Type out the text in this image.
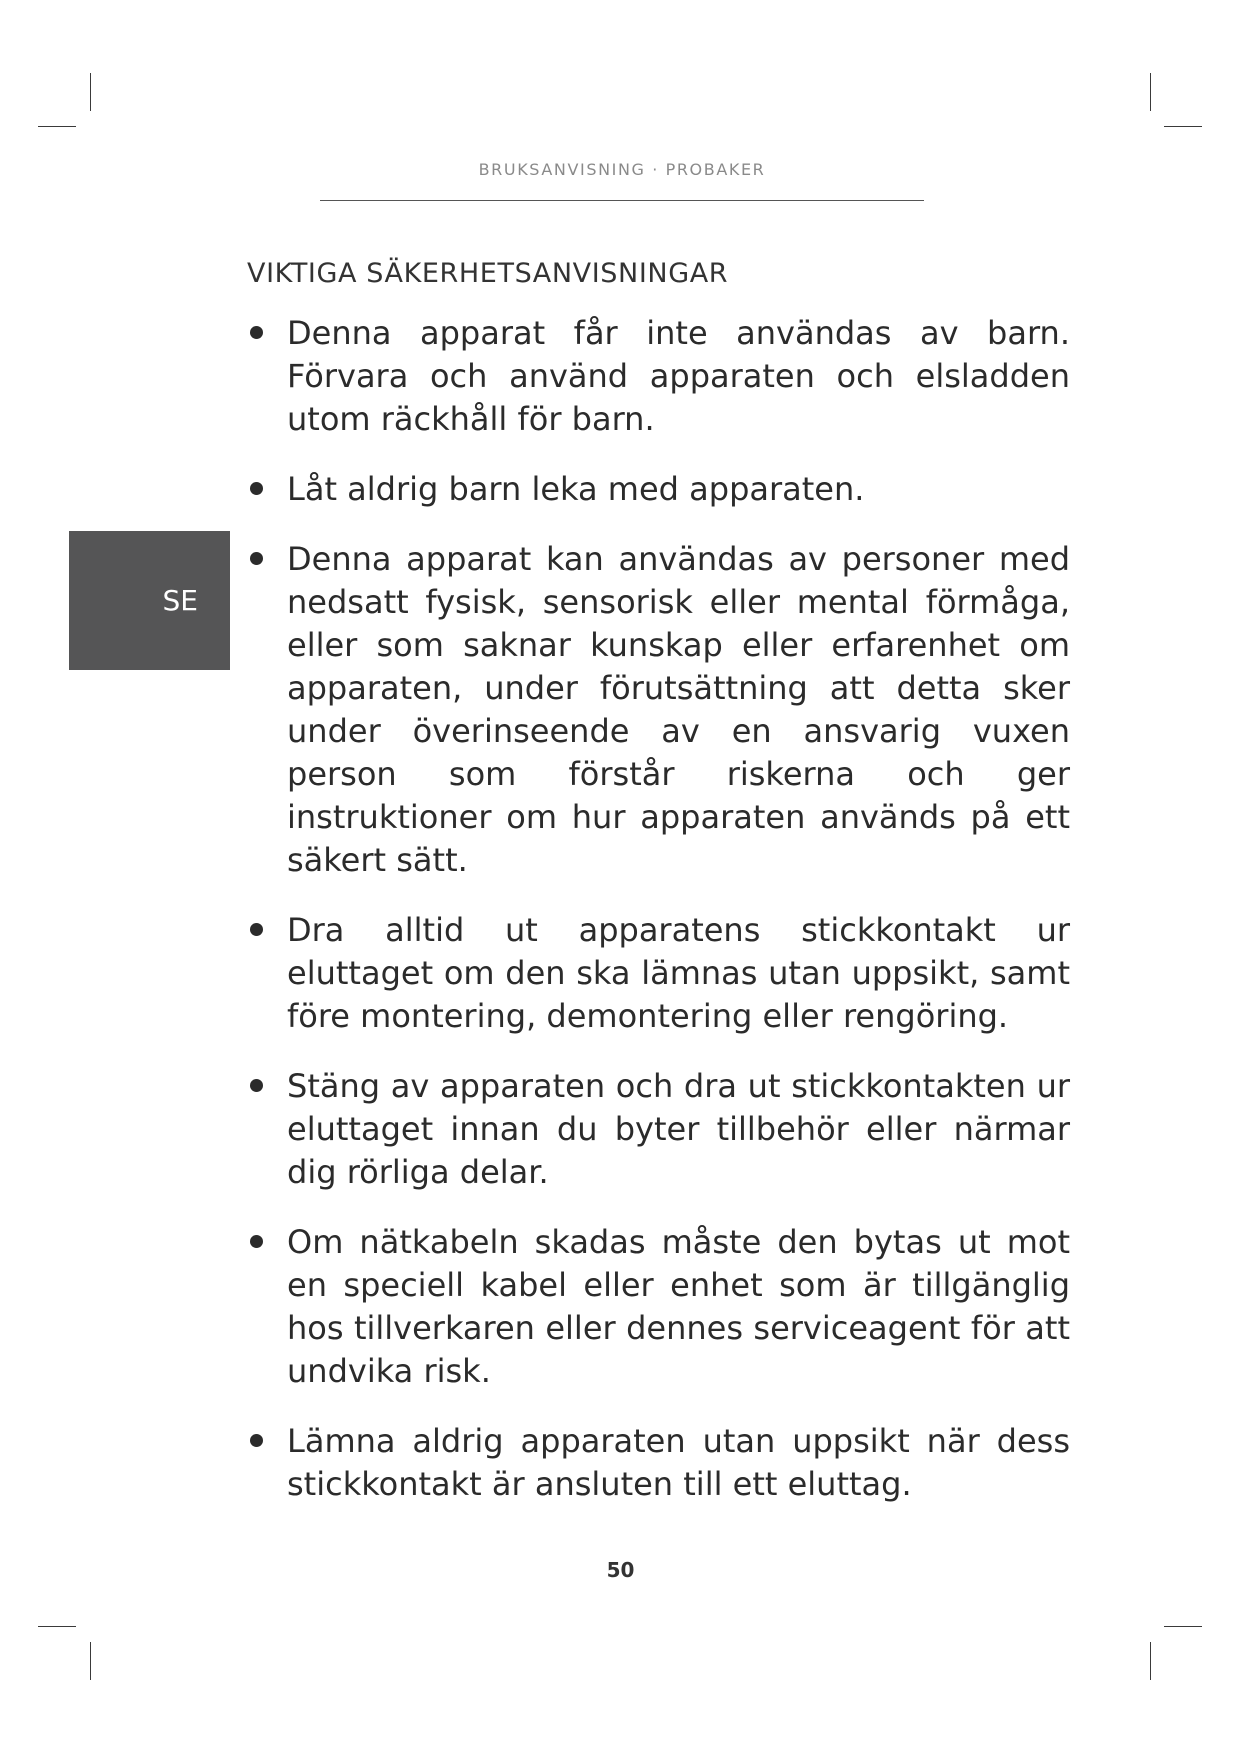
BRUKSANVISNING · PROBAKER
VIKTIGA SÄKERHETSANVISNINGAR
SE
Denna apparat får inte användas av barn. Förvara och använd apparaten och elsladden utom räckhåll för barn.
Låt aldrig barn leka med apparaten.
Denna apparat kan användas av personer med nedsatt fysisk, sensorisk eller mental förmåga, eller som saknar kunskap eller erfarenhet om apparaten, under förutsättning att detta sker under överinseende av en ansvarig vuxen person som förstår riskerna och ger instruktioner om hur apparaten används på ett säkert sätt.
Dra alltid ut apparatens stickkontakt ur eluttaget om den ska lämnas utan uppsikt, samt före montering, demontering eller rengöring.
Stäng av apparaten och dra ut stickkontakten ur eluttaget innan du byter tillbehör eller närmar dig rörliga delar.
Om nätkabeln skadas måste den bytas ut mot en speciell kabel eller enhet som är tillgänglig hos tillverkaren eller dennes serviceagent för att undvika risk.
Lämna aldrig apparaten utan uppsikt när dess stickkontakt är ansluten till ett eluttag.
50
